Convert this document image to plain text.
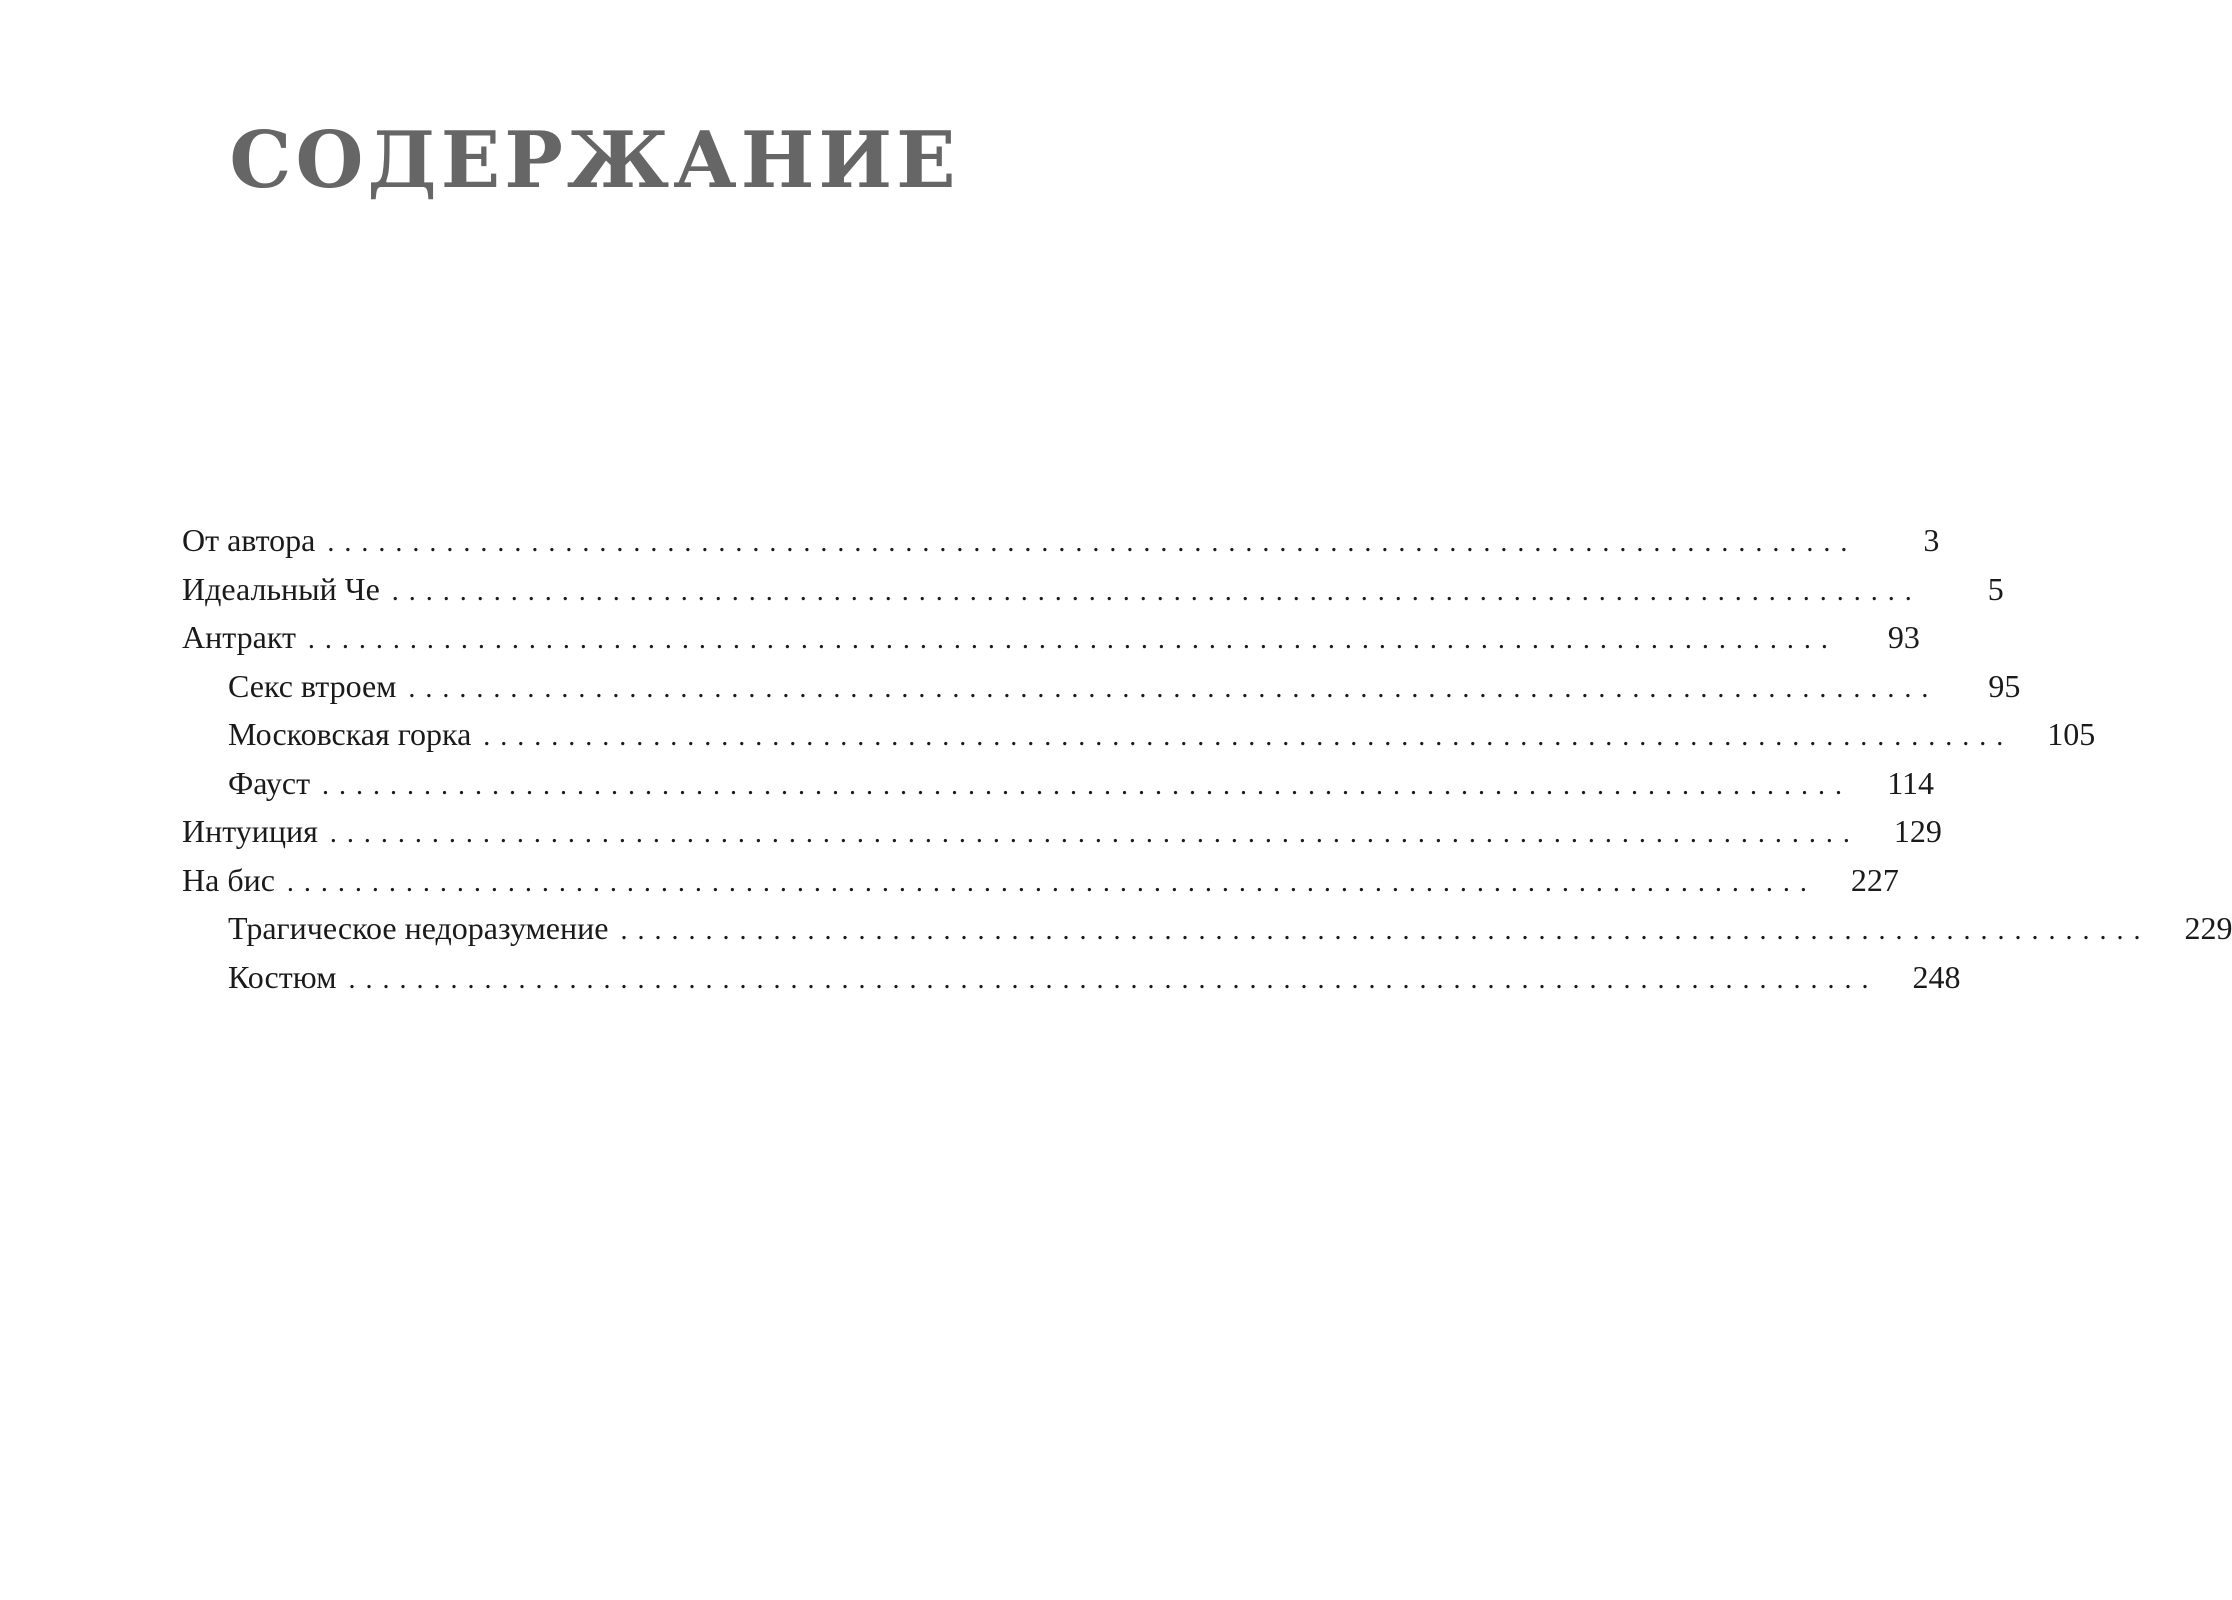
СОДЕРЖАНИЕ
От автора ..........................................................................................	3
Идеальный Че ..........................................................................................	5
Антракт ..........................................................................................	93
Секс втроем ..........................................................................................	95
Московская горка ..........................................................................................	105
Фауст ..........................................................................................	114
Интуиция ..........................................................................................	129
На бис ..........................................................................................	227
Трагическое недоразумение ..........................................................................................	229
Костюм ..........................................................................................	248
